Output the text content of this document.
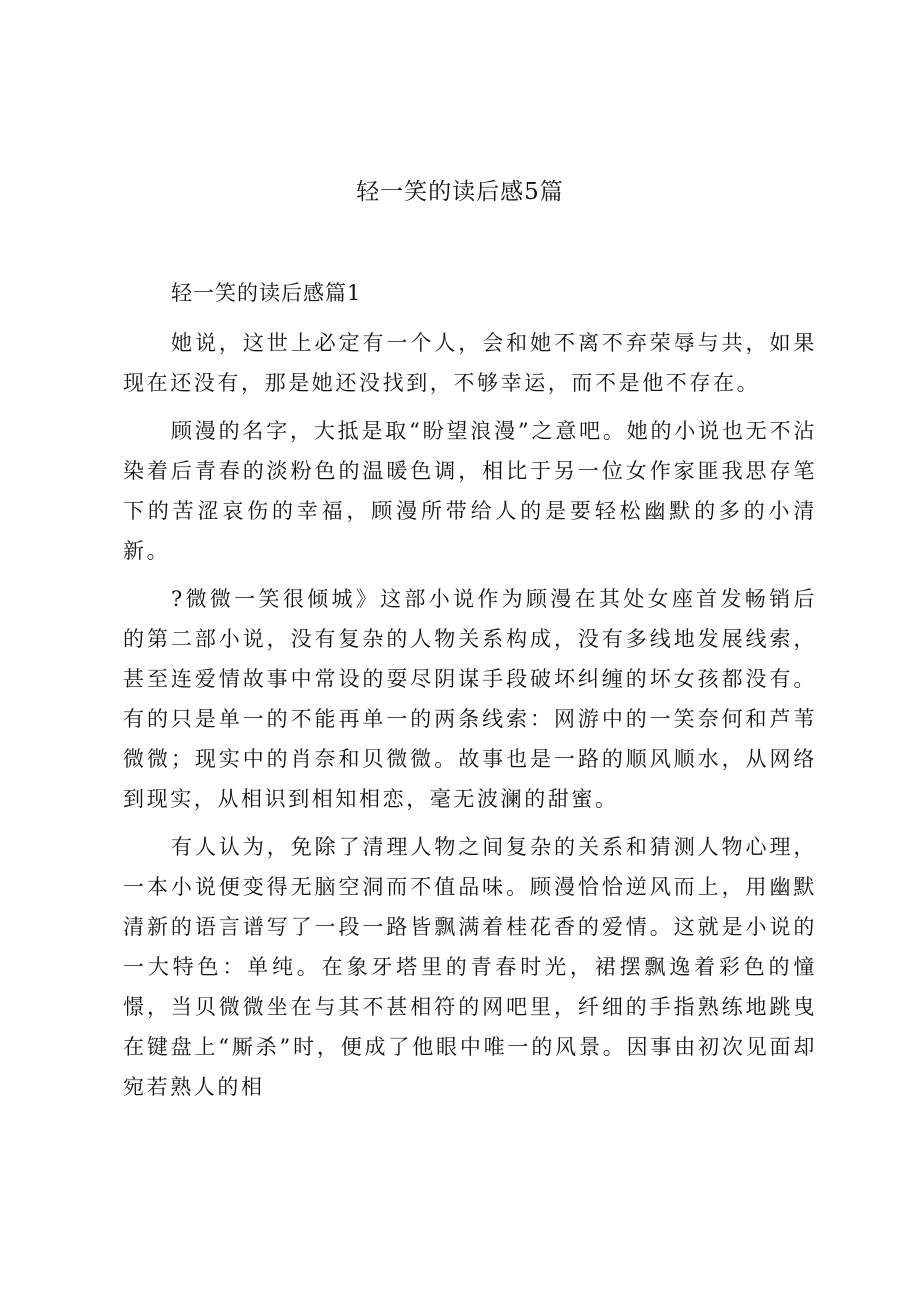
轻一笑的读后感5篇
轻一笑的读后感篇1

她说，这世上必定有一个人，会和她不离不弃荣辱与共，如果现在还没有，那是她还没找到，不够幸运，而不是他不存在。

顾漫的名字，大抵是取“盼望浪漫”之意吧。她的小说也无不沾染着后青春的淡粉色的温暖色调，相比于另一位女作家匪我思存笔下的苦涩哀伤的幸福，顾漫所带给人的是要轻松幽默的多的小清新。

?微微一笑很倾城》这部小说作为顾漫在其处女座首发畅销后的第二部小说，没有复杂的人物关系构成，没有多线地发展线索，甚至连爱情故事中常设的耍尽阴谋手段破坏纠缠的坏女孩都没有。有的只是单一的不能再单一的两条线索：网游中的一笑奈何和芦苇微微；现实中的肖奈和贝微微。故事也是一路的顺风顺水，从网络到现实，从相识到相知相恋，毫无波澜的甜蜜。

有人认为，免除了清理人物之间复杂的关系和猜测人物心理，一本小说便变得无脑空洞而不值品味。顾漫恰恰逆风而上，用幽默清新的语言谱写了一段一路皆飘满着桂花香的爱情。这就是小说的一大特色：单纯。在象牙塔里的青春时光，裙摆飘逸着彩色的憧憬，当贝微微坐在与其不甚相符的网吧里，纤细的手指熟练地跳曳在键盘上“厮杀”时，便成了他眼中唯一的风景。因事由初次见面却宛若熟人的相
